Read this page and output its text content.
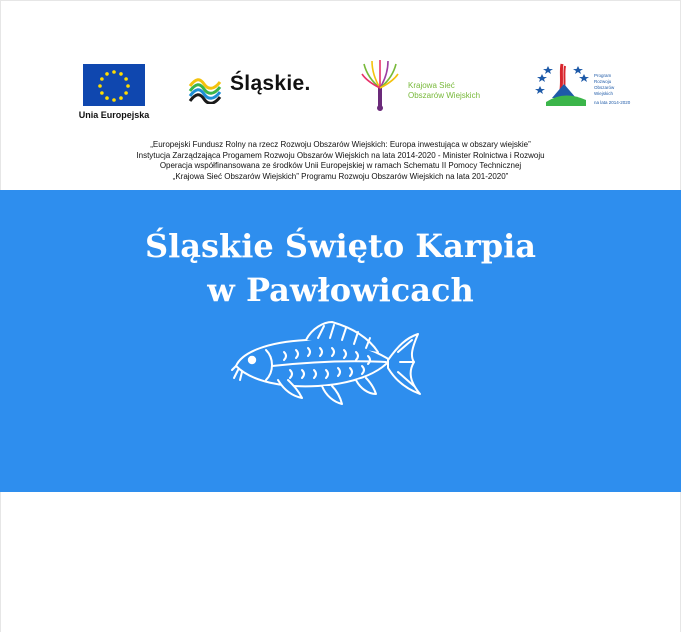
Unia Europejska
Śląskie.	Krajowa Sieć
Obszarów Wiejskich
Program
Rozwoju
Obszarów
Wiejskich
na lata 2014-2020
„Europejski Fundusz Rolny na rzecz Rozwoju Obszarów Wiejskich: Europa inwestująca w obszary wiejskie”
Instytucja Zarządzająca Progamem Rozwoju Obszarów Wiejskich na lata 2014-2020 - Minister Rolnictwa i Rozwoju
Operacja współfinansowana ze środków Unii Europejskiej w ramach Schematu II Pomocy Technicznej
„Krajowa Sieć Obszarów Wiejskich” Programu Rozwoju Obszarów Wiejskich na lata 201-2020”
Śląskie Święto Karpia
w Pawłowicach
